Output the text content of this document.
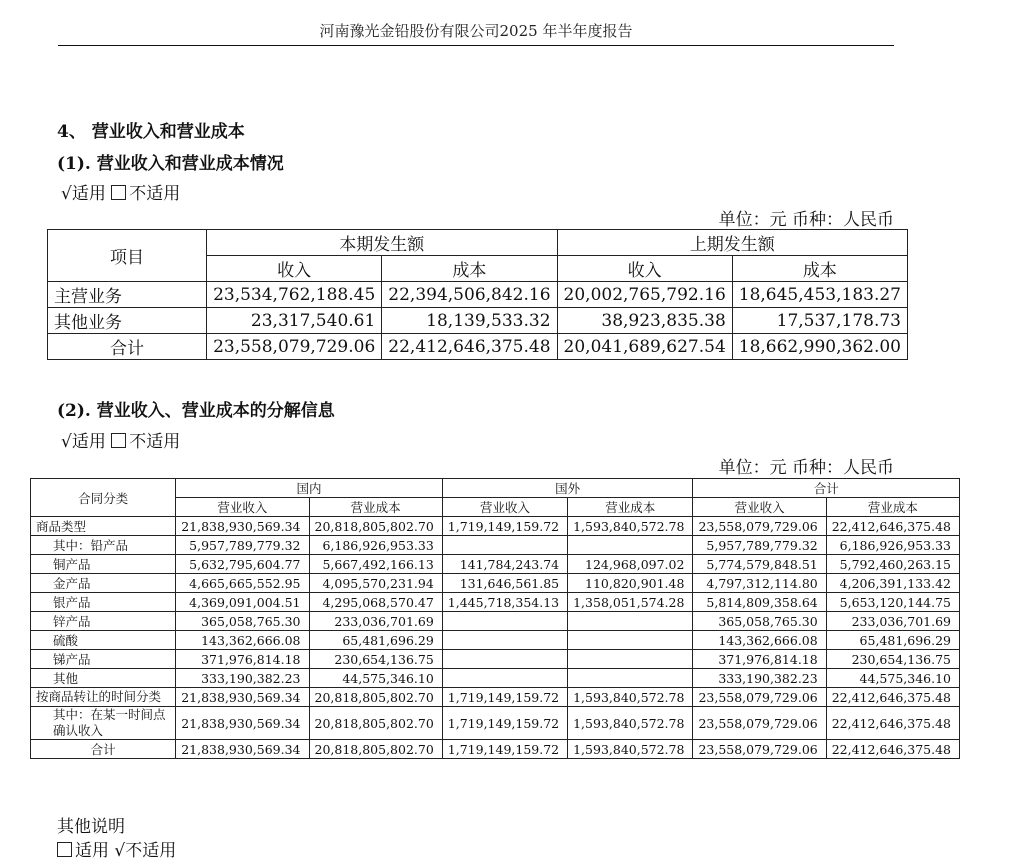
河南豫光金铅股份有限公司2025 年半年度报告
4、 营业收入和营业成本
(1). 营业收入和营业成本情况
√适用 不适用
单位：元 币种：人民币
项目	本期发生额		上期发生额	
	收入	成本	收入	成本
主营业务	23,534,762,188.45	22,394,506,842.16	20,002,765,792.16	18,645,453,183.27
其他业务	23,317,540.61	18,139,533.32	38,923,835.38	17,537,178.73
合计	23,558,079,729.06	22,412,646,375.48	20,041,689,627.54	18,662,990,362.00
(2). 营业收入、营业成本的分解信息
√适用 不适用
单位：元 币种：人民币
合同分类	国内		国外		合计	
	营业收入	营业成本	营业收入	营业成本	营业收入	营业成本
商品类型	21,838,930,569.34	20,818,805,802.70	1,719,149,159.72	1,593,840,572.78	23,558,079,729.06	22,412,646,375.48
其中：铅产品	5,957,789,779.32	6,186,926,953.33			5,957,789,779.32	6,186,926,953.33
铜产品	5,632,795,604.77	5,667,492,166.13	141,784,243.74	124,968,097.02	5,774,579,848.51	5,792,460,263.15
金产品	4,665,665,552.95	4,095,570,231.94	131,646,561.85	110,820,901.48	4,797,312,114.80	4,206,391,133.42
银产品	4,369,091,004.51	4,295,068,570.47	1,445,718,354.13	1,358,051,574.28	5,814,809,358.64	5,653,120,144.75
锌产品	365,058,765.30	233,036,701.69			365,058,765.30	233,036,701.69
硫酸	143,362,666.08	65,481,696.29			143,362,666.08	65,481,696.29
锑产品	371,976,814.18	230,654,136.75			371,976,814.18	230,654,136.75
其他	333,190,382.23	44,575,346.10			333,190,382.23	44,575,346.10
按商品转让的时间分类	21,838,930,569.34	20,818,805,802.70	1,719,149,159.72	1,593,840,572.78	23,558,079,729.06	22,412,646,375.48
其中：在某一时间点确认收入	21,838,930,569.34	20,818,805,802.70	1,719,149,159.72	1,593,840,572.78	23,558,079,729.06	22,412,646,375.48
合计	21,838,930,569.34	20,818,805,802.70	1,719,149,159.72	1,593,840,572.78	23,558,079,729.06	22,412,646,375.48
其他说明
适用 √不适用
